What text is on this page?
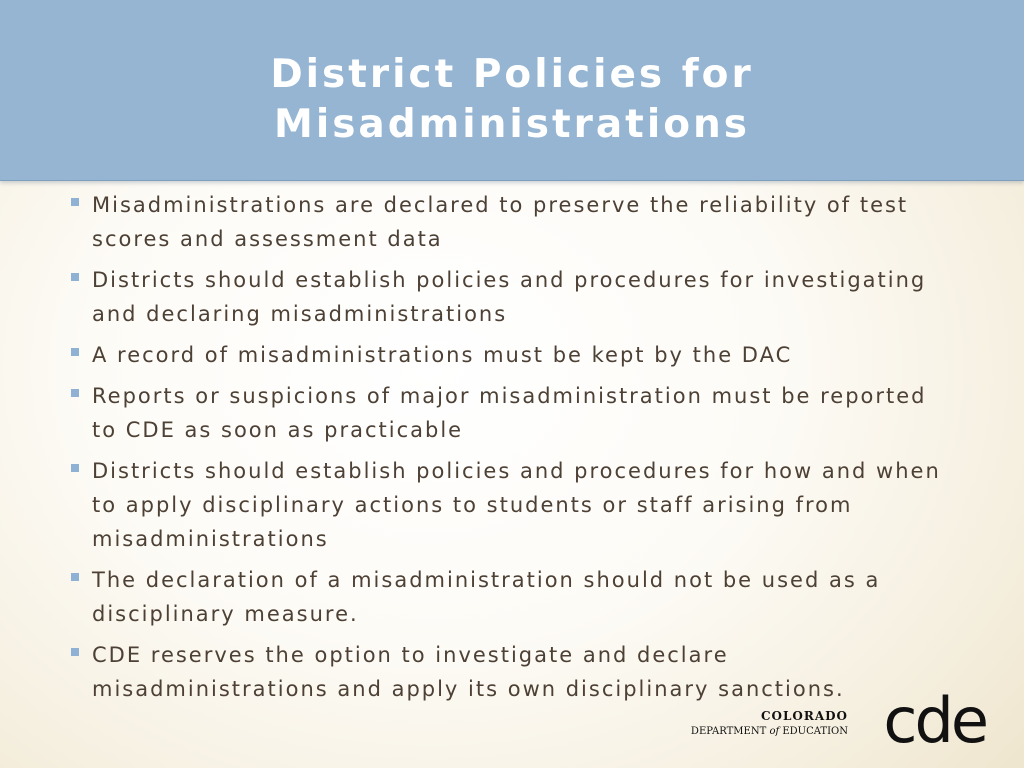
District Policies for
Misadministrations
Misadministrations are declared to preserve the reliability of test scores and assessment data
Districts should establish policies and procedures for investigating and declaring misadministrations
A record of misadministrations must be kept by the DAC
Reports or suspicions of major misadministration must be reported to CDE as soon as practicable
Districts should establish policies and procedures for how and when to apply disciplinary actions to students or staff arising from misadministrations
The declaration of a misadministration should not be used as a disciplinary measure.
CDE reserves the option to investigate and declare misadministrations and apply its own disciplinary sanctions.
COLORADO
DEPARTMENT of EDUCATION cde
